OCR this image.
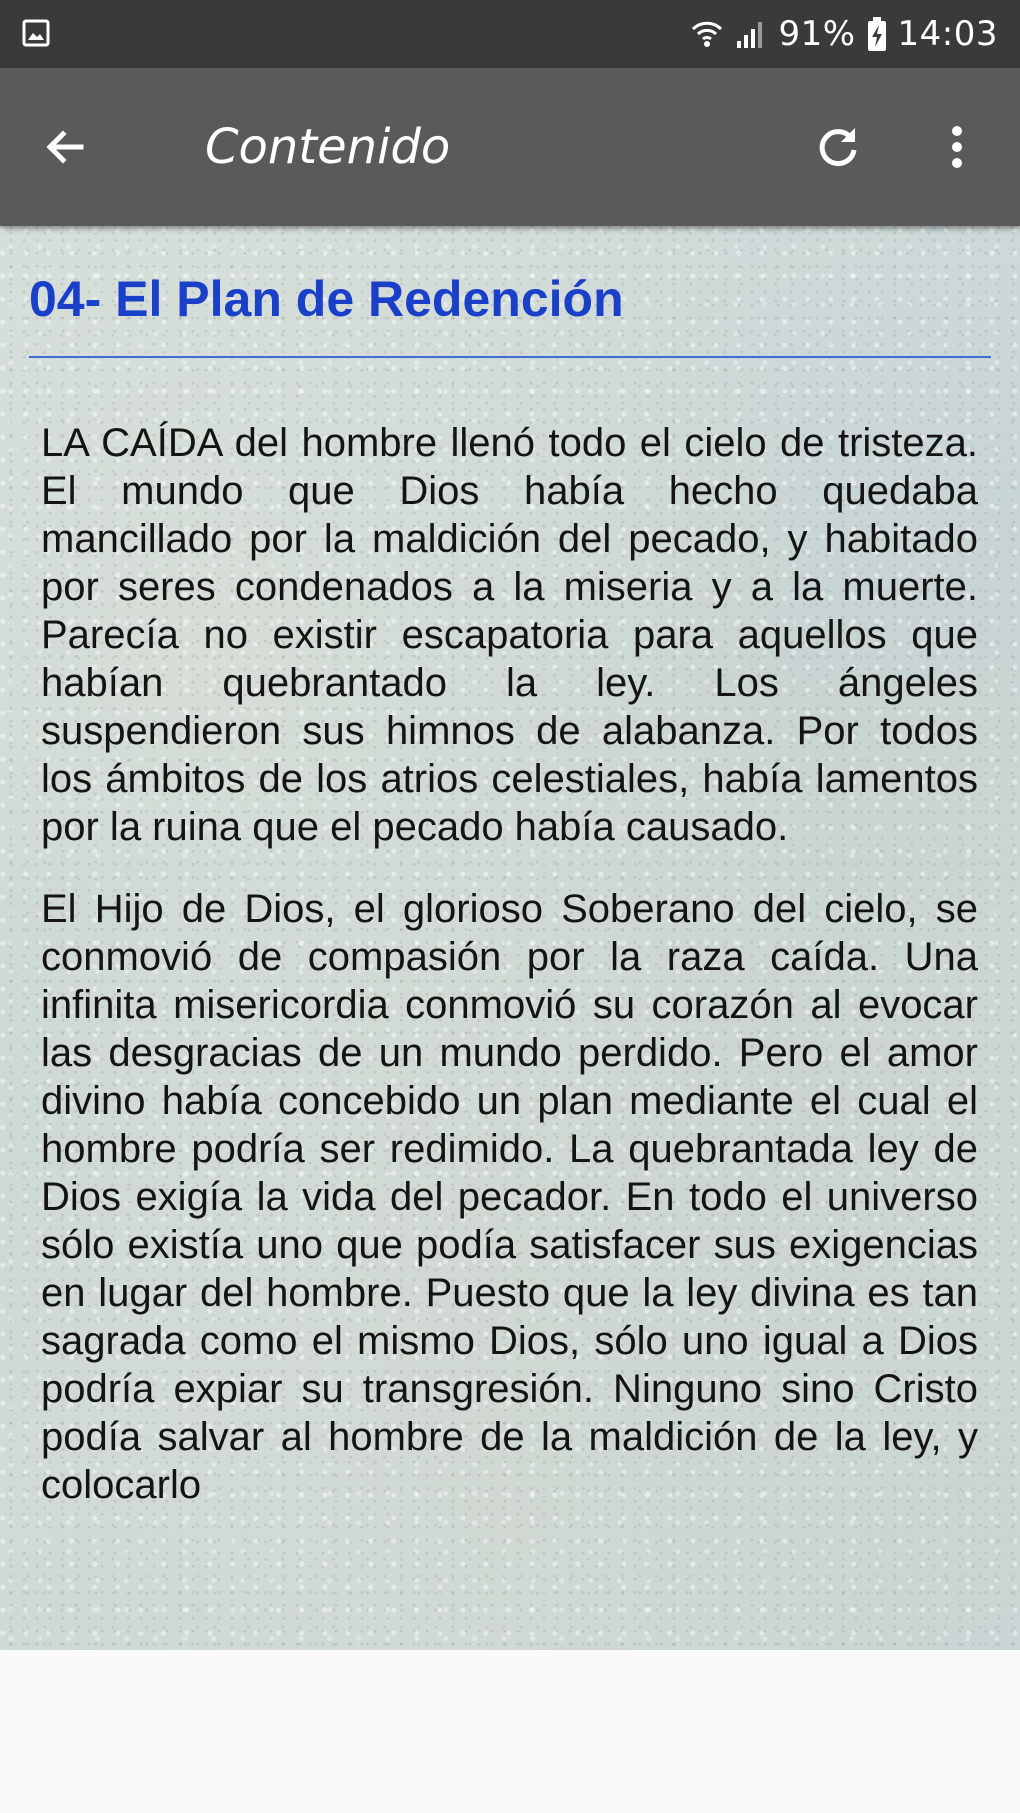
91% 14:03
Contenido
04- El Plan de Redención

LA CAÍDA del hombre llenó todo el cielo de tristeza. El mundo que Dios había hecho quedaba mancillado por la maldición del pecado, y habitado por seres condenados a la miseria y a la muerte. Parecía no existir escapatoria para aquellos que habían quebrantado la ley. Los ángeles suspendieron sus himnos de alabanza. Por todos los ámbitos de los atrios celestiales, había lamentos por la ruina que el pecado había causado.

El Hijo de Dios, el glorioso Soberano del cielo, se conmovió de compasión por la raza caída. Una infinita misericordia conmovió su corazón al evocar las desgracias de un mundo perdido. Pero el amor divino había concebido un plan mediante el cual el hombre podría ser redimido. La quebrantada ley de Dios exigía la vida del pecador. En todo el universo sólo existía uno que podía satisfacer sus exigencias en lugar del hombre. Puesto que la ley divina es tan sagrada como el mismo Dios, sólo uno igual a Dios podría expiar su transgresión. Ninguno sino Cristo podía salvar al hombre de la maldición de la ley, y colocarlo
